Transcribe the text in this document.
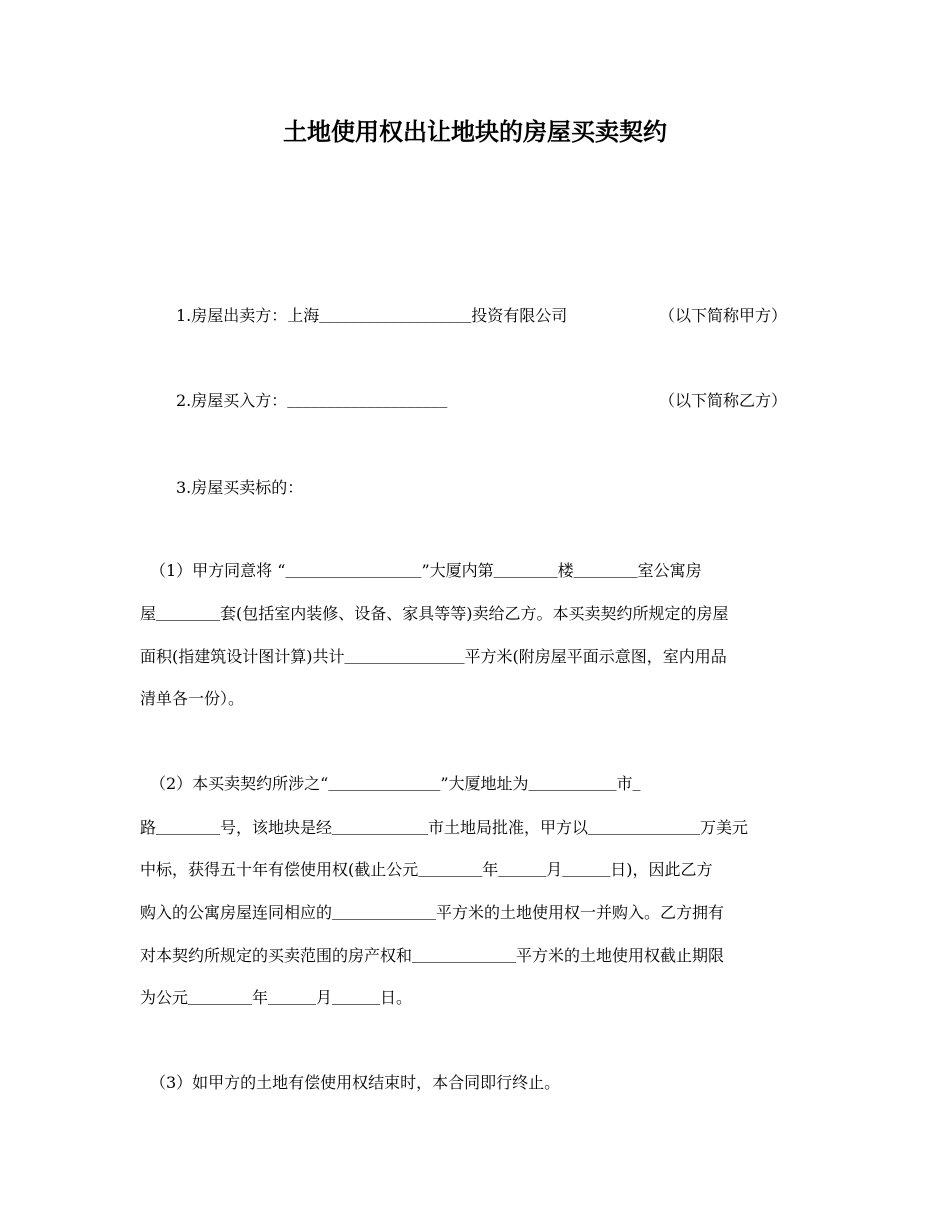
土地使用权出让地块的房屋买卖契约
1.房屋出卖方：上海___________________投资有限公司	（以下简称甲方）
2.房屋买入方：____________________	（以下简称乙方）
3.房屋买卖标的：
（1）甲方同意将 “_________________”大厦内第________楼________室公寓房
屋________套(包括室内装修、设备、家具等等)卖给乙方。本买卖契约所规定的房屋
面积(指建筑设计图计算)共计_______________平方米(附房屋平面示意图，室内用品
清单各一份）。
（2）本买卖契约所涉之“______________”大厦地址为___________市_
路________号，该地块是经____________市土地局批准，甲方以______________万美元
中标，获得五十年有偿使用权(截止公元________年______月______日)，因此乙方
购入的公寓房屋连同相应的_____________平方米的土地使用权一并购入。乙方拥有
对本契约所规定的买卖范围的房产权和_____________平方米的土地使用权截止期限
为公元________年______月______日。
（3）如甲方的土地有偿使用权结束时，本合同即行终止。
